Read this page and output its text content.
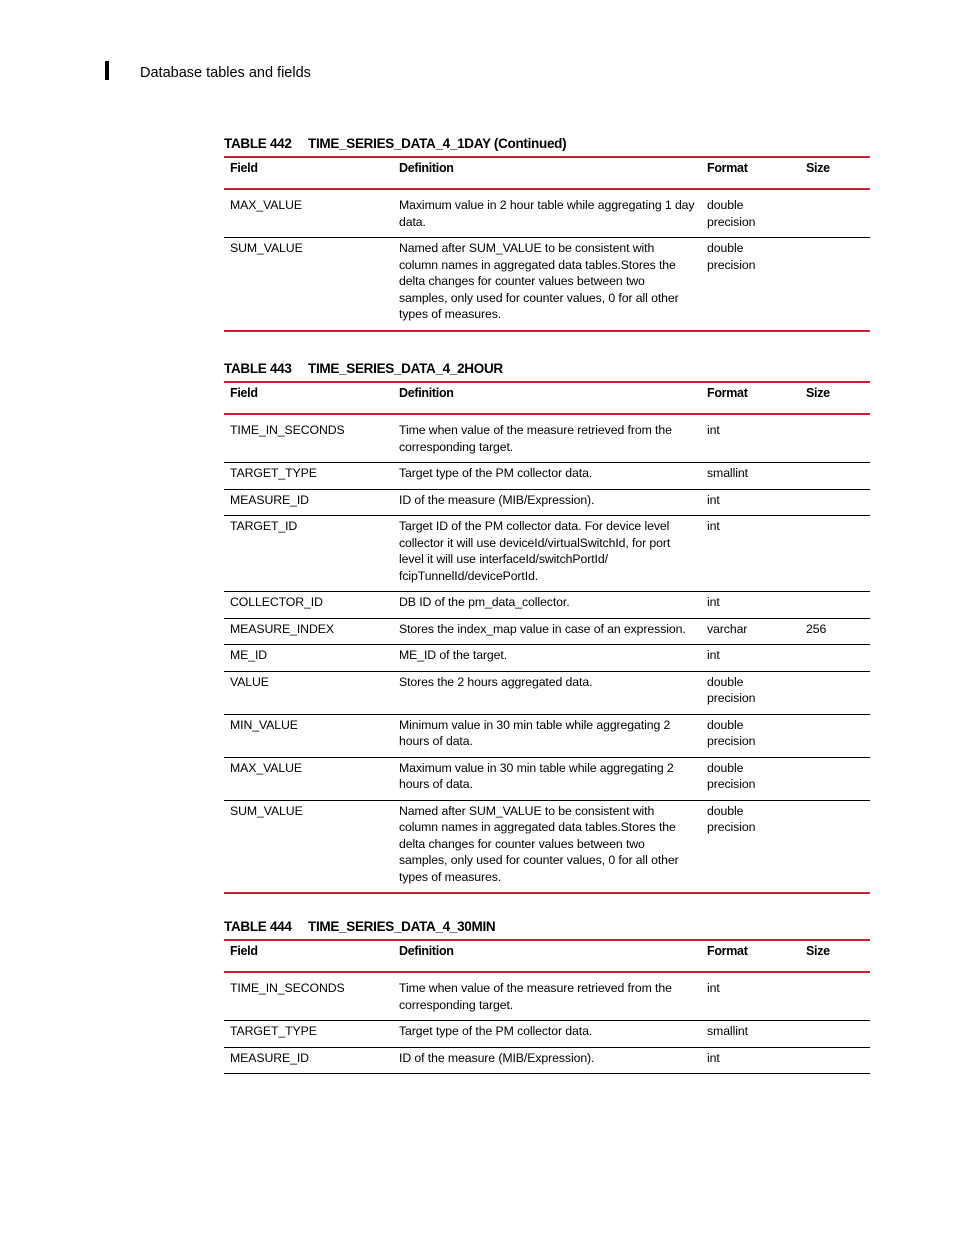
Database tables and fields
TABLE 442 TIME_SERIES_DATA_4_1DAY (Continued)
Field	Definition	Format	Size
MAX_VALUE	Maximum value in 2 hour table while aggregating 1 day data.	double precision	
SUM_VALUE	Named after SUM_VALUE to be consistent with column names in aggregated data tables.Stores the delta changes for counter values between two samples, only used for counter values, 0 for all other types of measures.	double precision	
TABLE 443 TIME_SERIES_DATA_4_2HOUR
Field	Definition	Format	Size
TIME_IN_SECONDS	Time when value of the measure retrieved from the corresponding target.	int	
TARGET_TYPE	Target type of the PM collector data.	smallint	
MEASURE_ID	ID of the measure (MIB/Expression).	int	
TARGET_ID	Target ID of the PM collector data. For device level collector it will use deviceId/virtualSwitchId, for port level it will use interfaceId/switchPortId/ fcipTunnelId/devicePortId.	int	
COLLECTOR_ID	DB ID of the pm_data_collector.	int	
MEASURE_INDEX	Stores the index_map value in case of an expression.	varchar	256
ME_ID	ME_ID of the target.	int	
VALUE	Stores the 2 hours aggregated data.	double precision	
MIN_VALUE	Minimum value in 30 min table while aggregating 2 hours of data.	double precision	
MAX_VALUE	Maximum value in 30 min table while aggregating 2 hours of data.	double precision	
SUM_VALUE	Named after SUM_VALUE to be consistent with column names in aggregated data tables.Stores the delta changes for counter values between two samples, only used for counter values, 0 for all other types of measures.	double precision	
TABLE 444 TIME_SERIES_DATA_4_30MIN
Field	Definition	Format	Size
TIME_IN_SECONDS	Time when value of the measure retrieved from the corresponding target.	int	
TARGET_TYPE	Target type of the PM collector data.	smallint	
MEASURE_ID	ID of the measure (MIB/Expression).	int	
